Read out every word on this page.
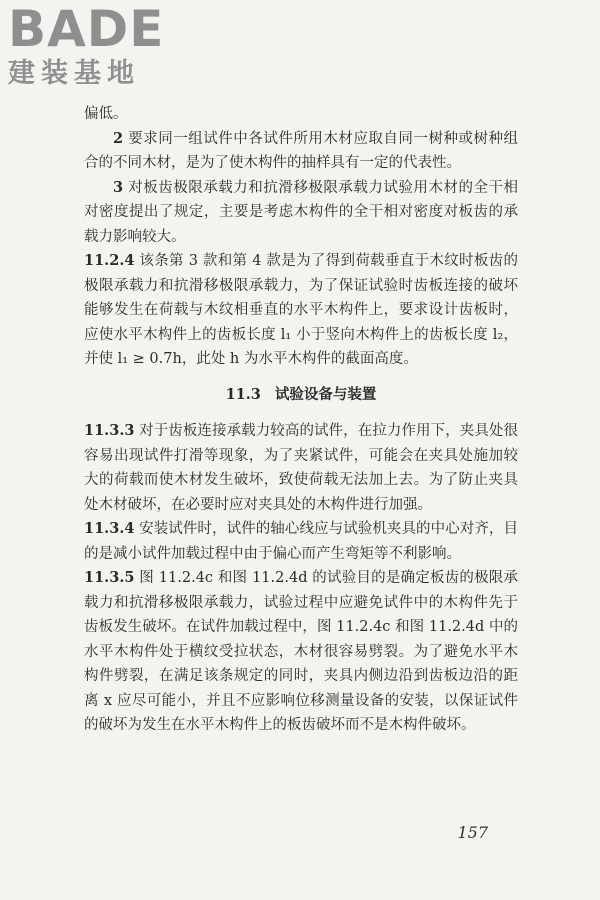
BADE
建装基地

偏低。

2 要求同一组试件中各试件所用木材应取自同一树种或树种组合的不同木材，是为了使木构件的抽样具有一定的代表性。

3 对板齿极限承载力和抗滑移极限承载力试验用木材的全干相对密度提出了规定，主要是考虑木构件的全干相对密度对板齿的承载力影响较大。

11.2.4 该条第 3 款和第 4 款是为了得到荷载垂直于木纹时板齿的极限承载力和抗滑移极限承载力，为了保证试验时齿板连接的破坏能够发生在荷载与木纹相垂直的水平木构件上，要求设计齿板时，应使水平木构件上的齿板长度 l₁ 小于竖向木构件上的齿板长度 l₂，并使 l₁ ≥ 0.7h，此处 h 为水平木构件的截面高度。

11.3 试验设备与装置

11.3.3 对于齿板连接承载力较高的试件，在拉力作用下，夹具处很容易出现试件打滑等现象，为了夹紧试件，可能会在夹具处施加较大的荷载而使木材发生破坏，致使荷载无法加上去。为了防止夹具处木材破坏，在必要时应对夹具处的木构件进行加强。

11.3.4 安装试件时，试件的轴心线应与试验机夹具的中心对齐，目的是减小试件加载过程中由于偏心而产生弯矩等不利影响。

11.3.5 图 11.2.4c 和图 11.2.4d 的试验目的是确定板齿的极限承载力和抗滑移极限承载力，试验过程中应避免试件中的木构件先于齿板发生破坏。在试件加载过程中，图 11.2.4c 和图 11.2.4d 中的水平木构件处于横纹受拉状态，木材很容易劈裂。为了避免水平木构件劈裂，在满足该条规定的同时，夹具内侧边沿到齿板边沿的距离 x 应尽可能小，并且不应影响位移测量设备的安装，以保证试件的破坏为发生在水平木构件上的板齿破坏而不是木构件破坏。

157
